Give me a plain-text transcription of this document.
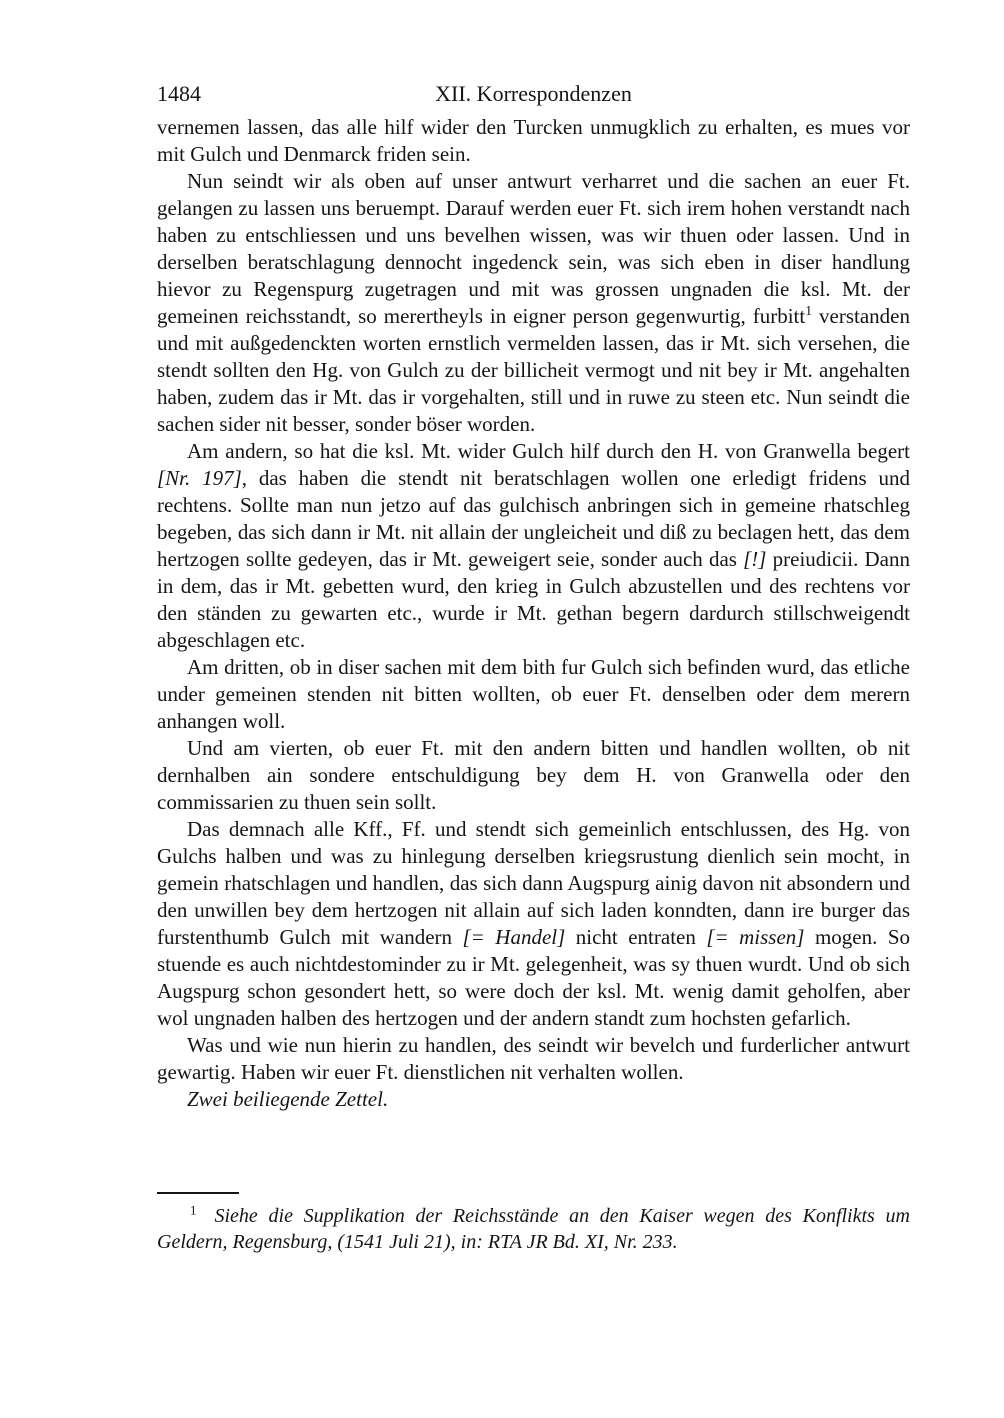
1484	XII. Korrespondenzen

vernemen lassen, das alle hilf wider den Turcken unmugklich zu erhalten, es mues vor mit Gulch und Denmarck friden sein.

Nun seindt wir als oben auf unser antwurt verharret und die sachen an euer Ft. gelangen zu lassen uns beruempt. Darauf werden euer Ft. sich irem hohen verstandt nach haben zu entschliessen und uns bevelhen wissen, was wir thuen oder lassen. Und in derselben beratschlagung dennocht ingedenck sein, was sich eben in diser handlung hievor zu Regenspurg zugetragen und mit was grossen ungnaden die ksl. Mt. der gemeinen reichsstandt, so merertheyls in eigner person gegenwurtig, furbitt$^1$ verstanden und mit außgedenckten worten ernstlich vermelden lassen, das ir Mt. sich versehen, die stendt sollten den Hg. von Gulch zu der billicheit vermogt und nit bey ir Mt. angehalten haben, zudem das ir Mt. das ir vorgehalten, still und in ruwe zu steen etc. Nun seindt die sachen sider nit besser, sonder böser worden.

Am andern, so hat die ksl. Mt. wider Gulch hilf durch den H. von Granwella begert [Nr. 197], das haben die stendt nit beratschlagen wollen one erledigt fridens und rechtens. Sollte man nun jetzo auf das gulchisch anbringen sich in gemeine rhatschleg begeben, das sich dann ir Mt. nit allain der ungleicheit und diß zu beclagen hett, das dem hertzogen sollte gedeyen, das ir Mt. geweigert seie, sonder auch das [!] preiudicii. Dann in dem, das ir Mt. gebetten wurd, den krieg in Gulch abzustellen und des rechtens vor den ständen zu gewarten etc., wurde ir Mt. gethan begern dardurch stillschweigendt abgeschlagen etc.

Am dritten, ob in diser sachen mit dem bith fur Gulch sich befinden wurd, das etliche under gemeinen stenden nit bitten wollten, ob euer Ft. denselben oder dem merern anhangen woll.

Und am vierten, ob euer Ft. mit den andern bitten und handlen wollten, ob nit dernhalben ain sondere entschuldigung bey dem H. von Granwella oder den commissarien zu thuen sein sollt.

Das demnach alle Kff., Ff. und stendt sich gemeinlich entschlussen, des Hg. von Gulchs halben und was zu hinlegung derselben kriegsrustung dienlich sein mocht, in gemein rhatschlagen und handlen, das sich dann Augspurg ainig davon nit absondern und den unwillen bey dem hertzogen nit allain auf sich laden konndten, dann ire burger das furstenthumb Gulch mit wandern [= Handel] nicht entraten [= missen] mogen. So stuende es auch nichtdestominder zu ir Mt. gelegenheit, was sy thuen wurdt. Und ob sich Augspurg schon gesondert hett, so were doch der ksl. Mt. wenig damit geholfen, aber wol ungnaden halben des hertzogen und der andern standt zum hochsten gefarlich.

Was und wie nun hierin zu handlen, des seindt wir bevelch und furderlicher antwurt gewartig. Haben wir euer Ft. dienstlichen nit verhalten wollen.

Zwei beiliegende Zettel.

$^1$ Siehe die Supplikation der Reichsstände an den Kaiser wegen des Konflikts um Geldern, Regensburg, (1541 Juli 21), in: RTA JR Bd. XI, Nr. 233.
